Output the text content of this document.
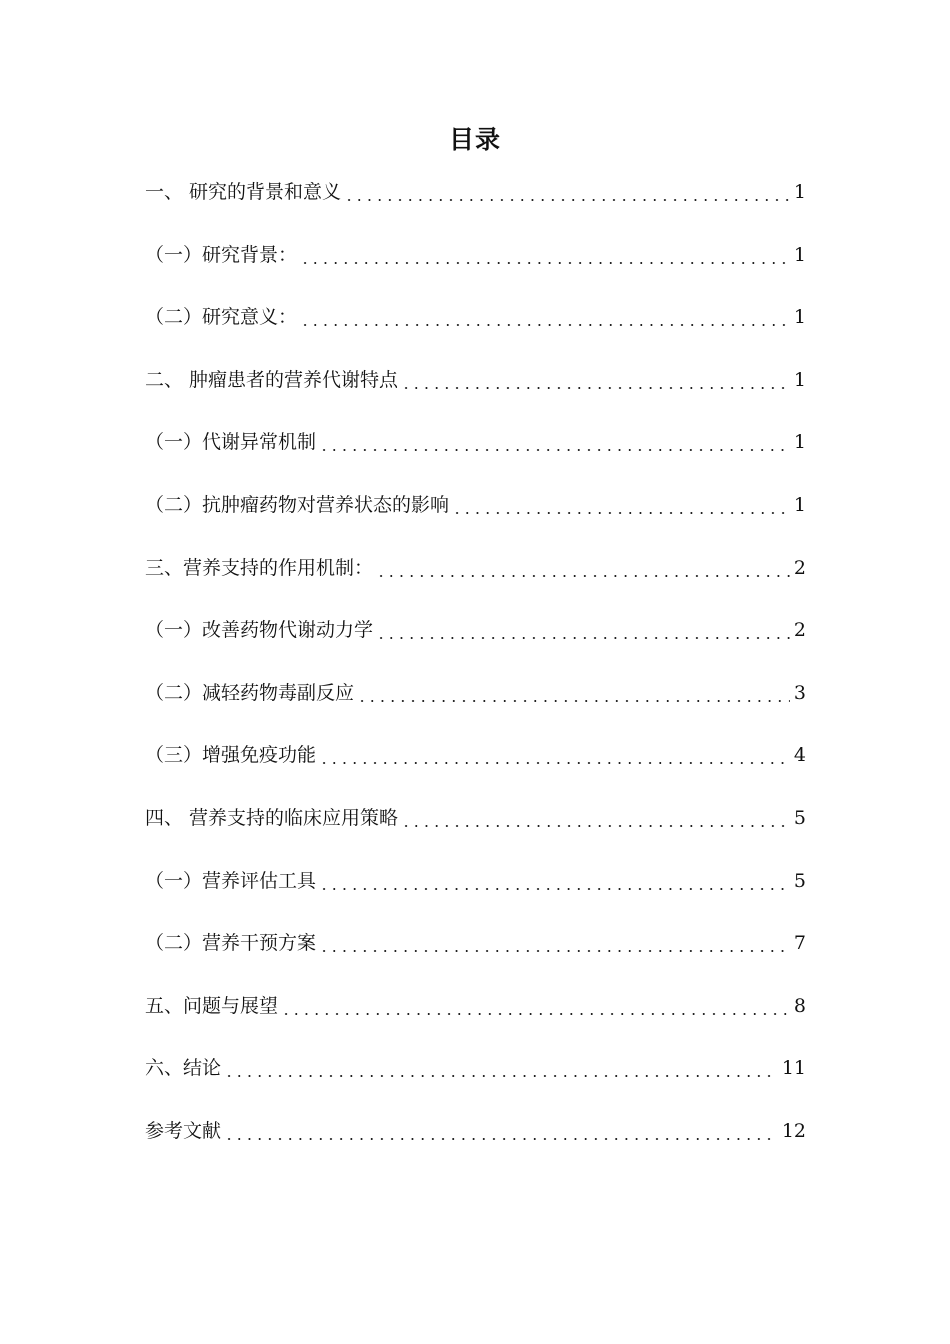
目录
一、 研究的背景和意义	1
（一）研究背景：	1
（二）研究意义：	1
二、 肿瘤患者的营养代谢特点	1
（一）代谢异常机制	1
（二）抗肿瘤药物对营养状态的影响	1
三、营养支持的作用机制：	2
（一）改善药物代谢动力学	2
（二）减轻药物毒副反应	3
（三）增强免疫功能	4
四、 营养支持的临床应用策略	5
（一）营养评估工具	5
（二）营养干预方案	7
五、问题与展望	8
六、结论	11
参考文献	12
